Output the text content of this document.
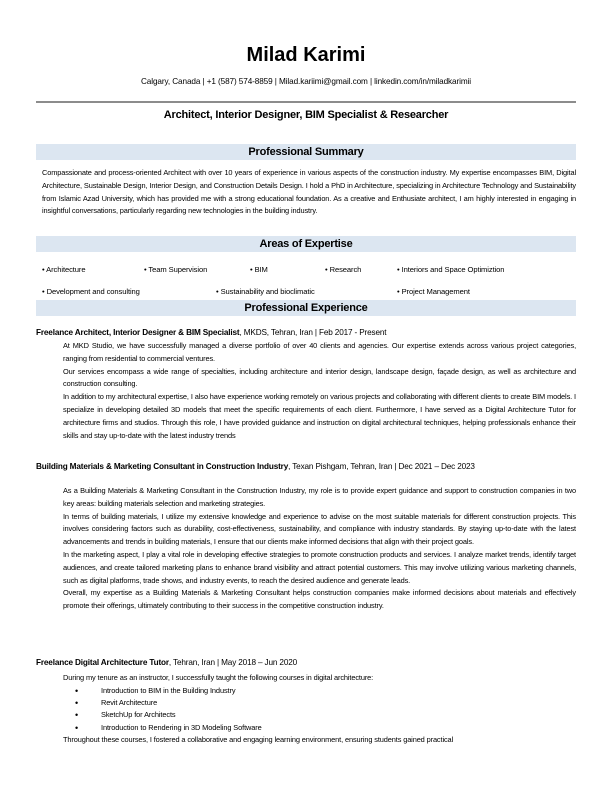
Milad Karimi
Calgary, Canada | +1 (587) 574-8859 | Milad.kariimi@gmail.com | linkedin.com/in/miladkarimii
Architect, Interior Designer, BIM Specialist & Researcher
Professional Summary
Compassionate and process-oriented Architect with over 10 years of experience in various aspects of the construction industry. My expertise encompasses BIM, Digital Architecture, Sustainable Design, Interior Design, and Construction Details Design. I hold a PhD in Architecture, specializing in Architecture Technology and Sustainability from Islamic Azad University, which has provided me with a strong educational foundation. As a creative and Enthusiate architect, I am highly interested in engaging in insightful conversations, particularly regarding new technologies in the building industry.
Areas of Expertise
• Architecture	• Team Supervision	• BIM	• Research	• Interiors and Space Optimiztion
• Development and consulting	• Sustainability and bioclimatic	• Project Management
Professional Experience
Freelance Architect, Interior Designer & BIM Specialist, MKDS, Tehran, Iran | Feb 2017 - Present

At MKD Studio, we have successfully managed a diverse portfolio of over 40 clients and agencies. Our expertise extends across various project categories, ranging from residential to commercial ventures.

Our services encompass a wide range of specialties, including architecture and interior design, landscape design, façade design, as well as architecture and construction consulting.

In addition to my architectural expertise, I also have experience working remotely on various projects and collaborating with different clients to create BIM models. I specialize in developing detailed 3D models that meet the specific requirements of each client. Furthermore, I have served as a Digital Architecture Tutor for architecture firms and studios. Through this role, I have provided guidance and instruction on digital architectural techniques, helping professionals enhance their skills and stay up-to-date with the latest industry trends

Building Materials & Marketing Consultant in Construction Industry, Texan Pishgam, Tehran, Iran | Dec 2021 – Dec 2023

As a Building Materials & Marketing Consultant in the Construction Industry, my role is to provide expert guidance and support to construction companies in two key areas: building materials selection and marketing strategies.

In terms of building materials, I utilize my extensive knowledge and experience to advise on the most suitable materials for different construction projects. This involves considering factors such as durability, cost-effectiveness, sustainability, and compliance with industry standards. By staying up-to-date with the latest advancements and trends in building materials, I ensure that our clients make informed decisions that align with their project goals.

In the marketing aspect, I play a vital role in developing effective strategies to promote construction products and services. I analyze market trends, identify target audiences, and create tailored marketing plans to enhance brand visibility and attract potential customers. This may involve utilizing various marketing channels, such as digital platforms, trade shows, and industry events, to reach the desired audience and generate leads.

Overall, my expertise as a Building Materials & Marketing Consultant helps construction companies make informed decisions about materials and effectively promote their offerings, ultimately contributing to their success in the competitive construction industry.

Freelance Digital Architecture Tutor, Tehran, Iran | May 2018 – Jun 2020

During my tenure as an instructor, I successfully taught the following courses in digital architecture:

• Introduction to BIM in the Building Industry
• Revit Architecture
• SketchUp for Architects
• Introduction to Rendering in 3D Modeling Software

Throughout these courses, I fostered a collaborative and engaging learning environment, ensuring students gained practical
